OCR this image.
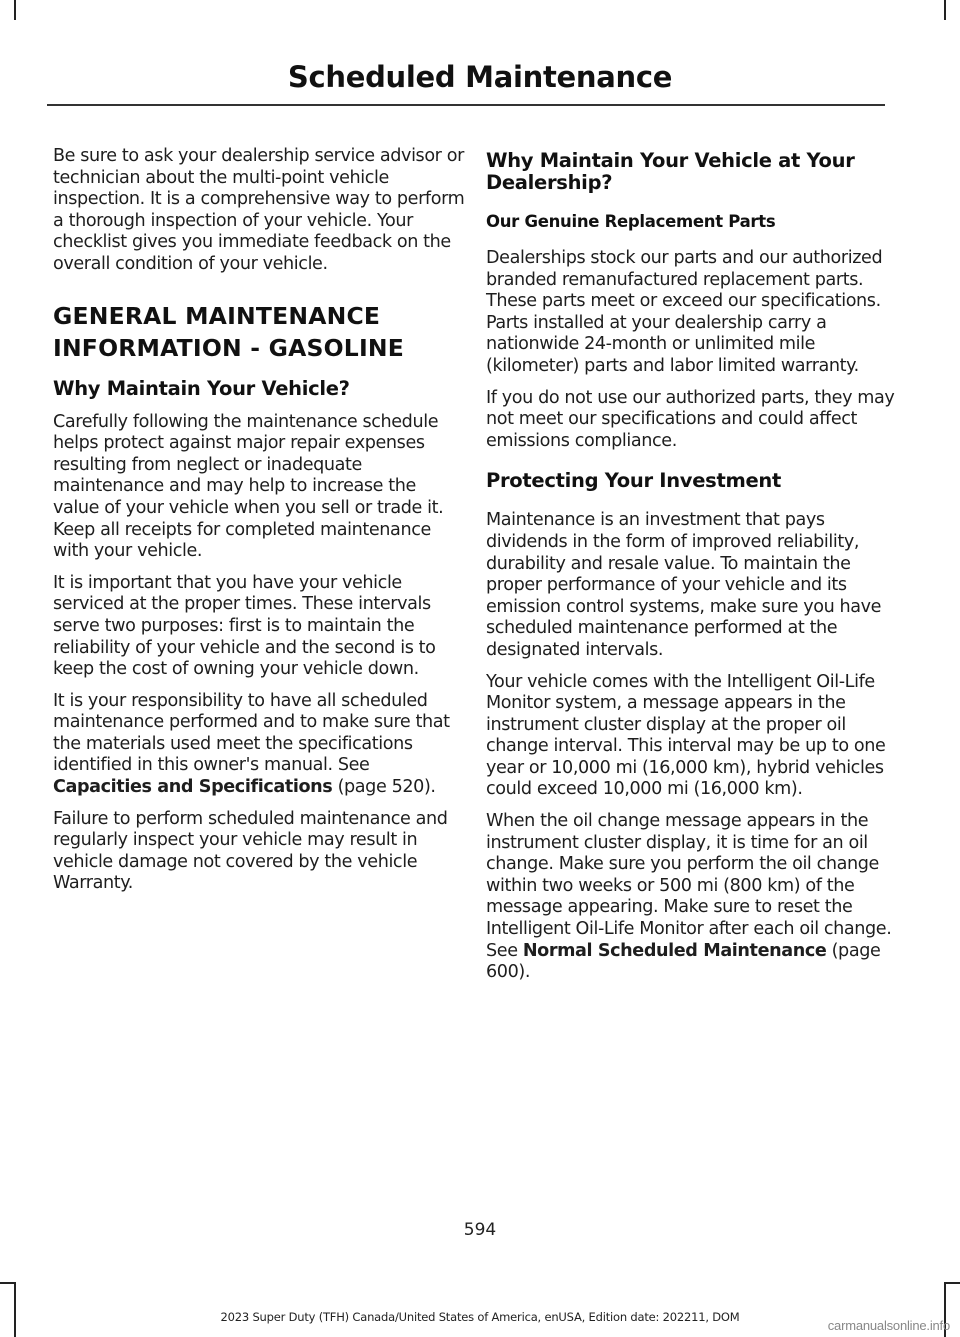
Scheduled Maintenance

Be sure to ask your dealership service advisor or technician about the multi-point vehicle inspection. It is a comprehensive way to perform a thorough inspection of your vehicle. Your checklist gives you immediate feedback on the overall condition of your vehicle.

GENERAL MAINTENANCE
INFORMATION - GASOLINE
Why Maintain Your Vehicle?

Carefully following the maintenance schedule helps protect against major repair expenses resulting from neglect or inadequate maintenance and may help to increase the value of your vehicle when you sell or trade it. Keep all receipts for completed maintenance with your vehicle.

It is important that you have your vehicle serviced at the proper times. These intervals serve two purposes: first is to maintain the reliability of your vehicle and the second is to keep the cost of owning your vehicle down.

It is your responsibility to have all scheduled maintenance performed and to make sure that the materials used meet the specifications identified in this owner's manual. See Capacities and Specifications (page 520).

Failure to perform scheduled maintenance and regularly inspect your vehicle may result in vehicle damage not covered by the vehicle Warranty.

Why Maintain Your Vehicle at Your Dealership?
Our Genuine Replacement Parts

Dealerships stock our parts and our authorized branded remanufactured replacement parts. These parts meet or exceed our specifications. Parts installed at your dealership carry a nationwide 24-month or unlimited mile (kilometer) parts and labor limited warranty.

If you do not use our authorized parts, they may not meet our specifications and could affect emissions compliance.

Protecting Your Investment

Maintenance is an investment that pays dividends in the form of improved reliability, durability and resale value. To maintain the proper performance of your vehicle and its emission control systems, make sure you have scheduled maintenance performed at the designated intervals.

Your vehicle comes with the Intelligent Oil-Life Monitor system, a message appears in the instrument cluster display at the proper oil change interval. This interval may be up to one year or 10,000 mi (16,000 km), hybrid vehicles could exceed 10,000 mi (16,000 km).

When the oil change message appears in the instrument cluster display, it is time for an oil change. Make sure you perform the oil change within two weeks or 500 mi (800 km) of the message appearing. Make sure to reset the Intelligent Oil-Life Monitor after each oil change. See Normal Scheduled Maintenance (page 600).

594
2023 Super Duty (TFH) Canada/United States of America, enUSA, Edition date: 202211, DOM
carmanualsonline.info
